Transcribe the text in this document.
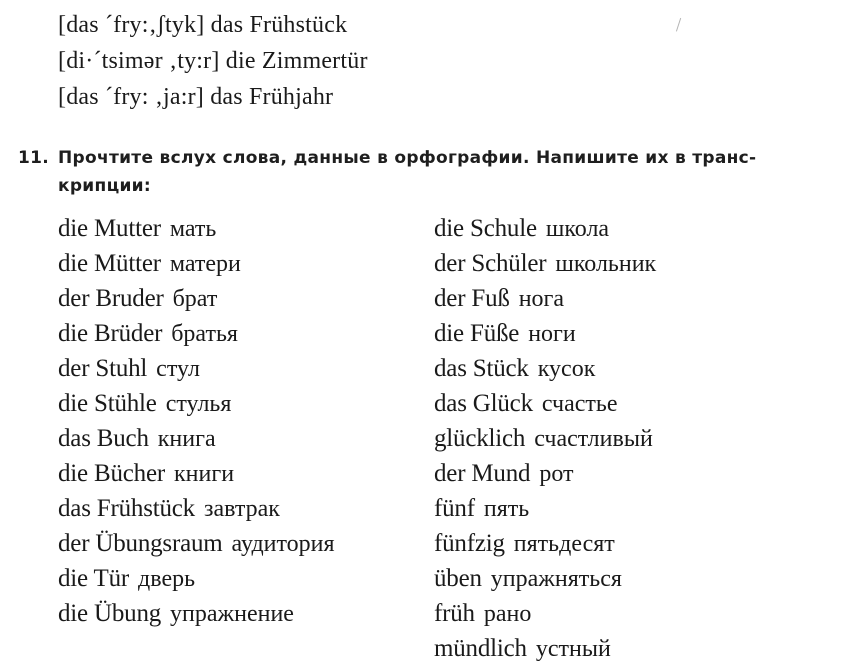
[das ´fry:‚ʃtyk] das Frühstück
[di·´tsimər ‚ty:r] die Zimmertür
[das ´fry: ‚ja:r] das Frühjahr
11. Прочтите вслух слова, данные в орфографии. Напишите их в транс-
крипции:
die Mutter мать
die Mütter матери
der Bruder брат
die Brüder братья
der Stuhl стул
die Stühle стулья
das Buch книга
die Bücher книги
das Frühstück завтрак
der Übungsraum аудитория
die Tür дверь
die Übung упражнение
die Schule школа
der Schüler школьник
der Fuß нога
die Füße ноги
das Stück кусок
das Glück счастье
glücklich счастливый
der Mund рот
fünf пять
fünfzig пятьдесят
üben упражняться
früh рано
mündlich устный
